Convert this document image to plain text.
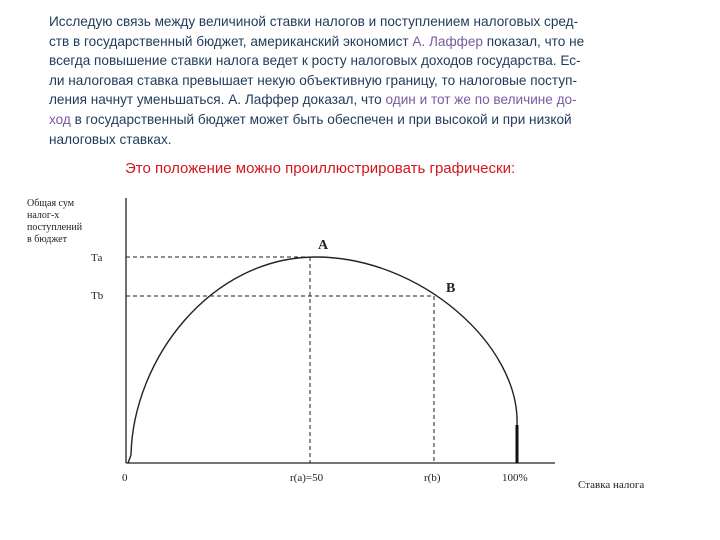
Исследую связь между величиной ставки налогов и поступлением налоговых сред-
ств в государственный бюджет, американский экономист А. Лаффер показал, что не
всегда повышение ставки налога ведет к росту налоговых доходов государства. Ес-
ли налоговая ставка превышает некую объективную границу, то налоговые поступ-
ления начнут уменьшаться. А. Лаффер доказал, что один и тот же по величине до-
ход в государственный бюджет может быть обеспечен и при высокой и при низкой
налоговых ставках.

Это положение можно проиллюстрировать графически:
Общая сум
налог-х
поступлений
в бюджет
Та
Тb
A
B
0	r(a)=50	r(b)	100%
Ставка налога
